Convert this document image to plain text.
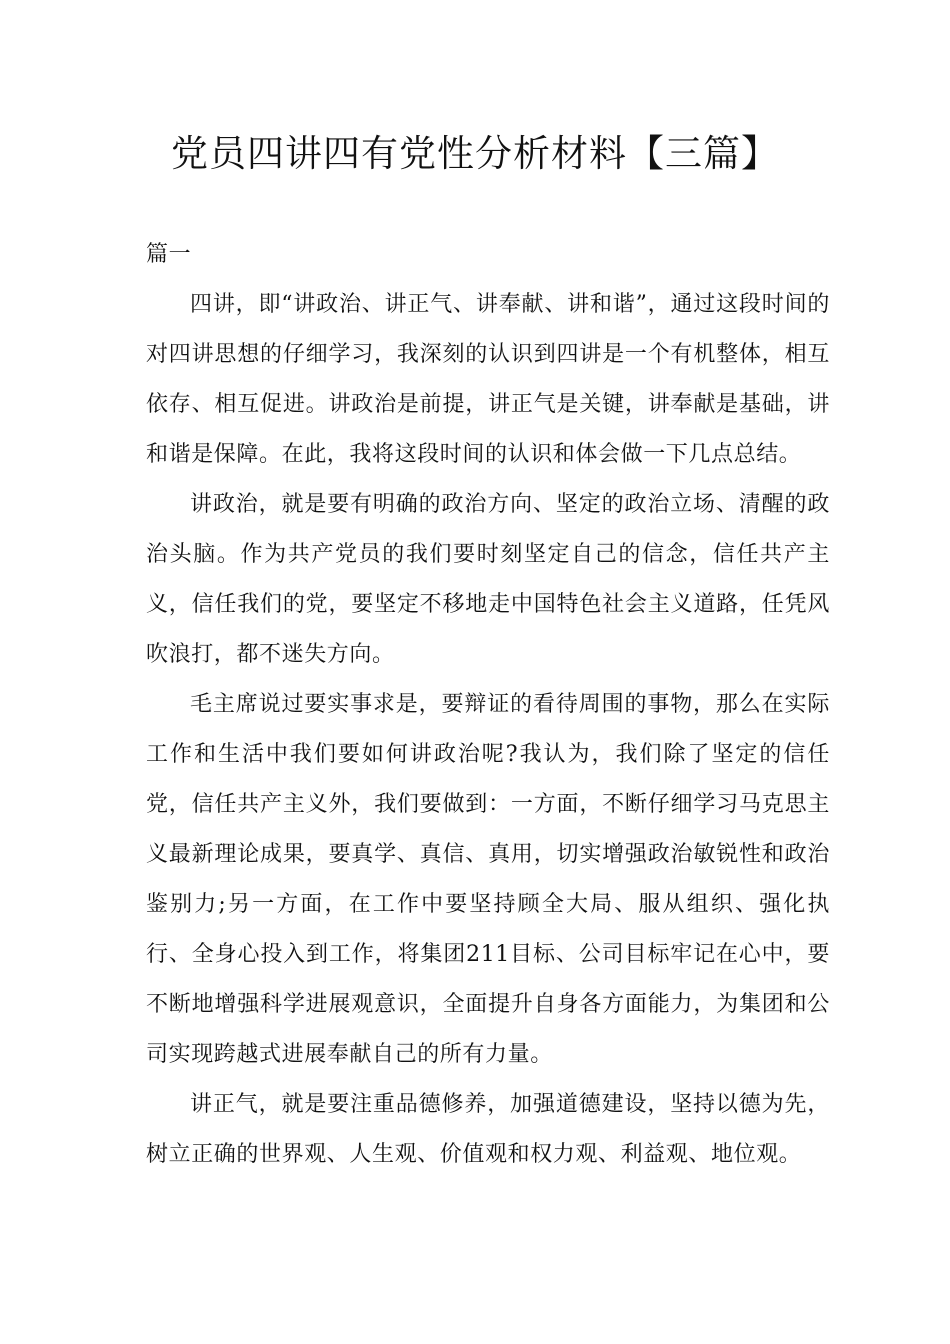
党员四讲四有党性分析材料【三篇】

篇一

四讲，即“讲政治、讲正气、讲奉献、讲和谐”，通过这段时间的对四讲思想的仔细学习，我深刻的认识到四讲是一个有机整体，相互依存、相互促进。讲政治是前提，讲正气是关键，讲奉献是基础，讲和谐是保障。在此，我将这段时间的认识和体会做一下几点总结。

讲政治，就是要有明确的政治方向、坚定的政治立场、清醒的政治头脑。作为共产党员的我们要时刻坚定自己的信念，信任共产主义，信任我们的党，要坚定不移地走中国特色社会主义道路，任凭风吹浪打，都不迷失方向。

毛主席说过要实事求是，要辩证的看待周围的事物，那么在实际工作和生活中我们要如何讲政治呢?我认为，我们除了坚定的信任党，信任共产主义外，我们要做到：一方面，不断仔细学习马克思主义最新理论成果，要真学、真信、真用，切实增强政治敏锐性和政治鉴别力;另一方面，在工作中要坚持顾全大局、服从组织、强化执行、全身心投入到工作，将集团211目标、公司目标牢记在心中，要不断地增强科学进展观意识，全面提升自身各方面能力，为集团和公司实现跨越式进展奉献自己的所有力量。

讲正气，就是要注重品德修养，加强道德建设，坚持以德为先，树立正确的世界观、人生观、价值观和权力观、利益观、地位观。
